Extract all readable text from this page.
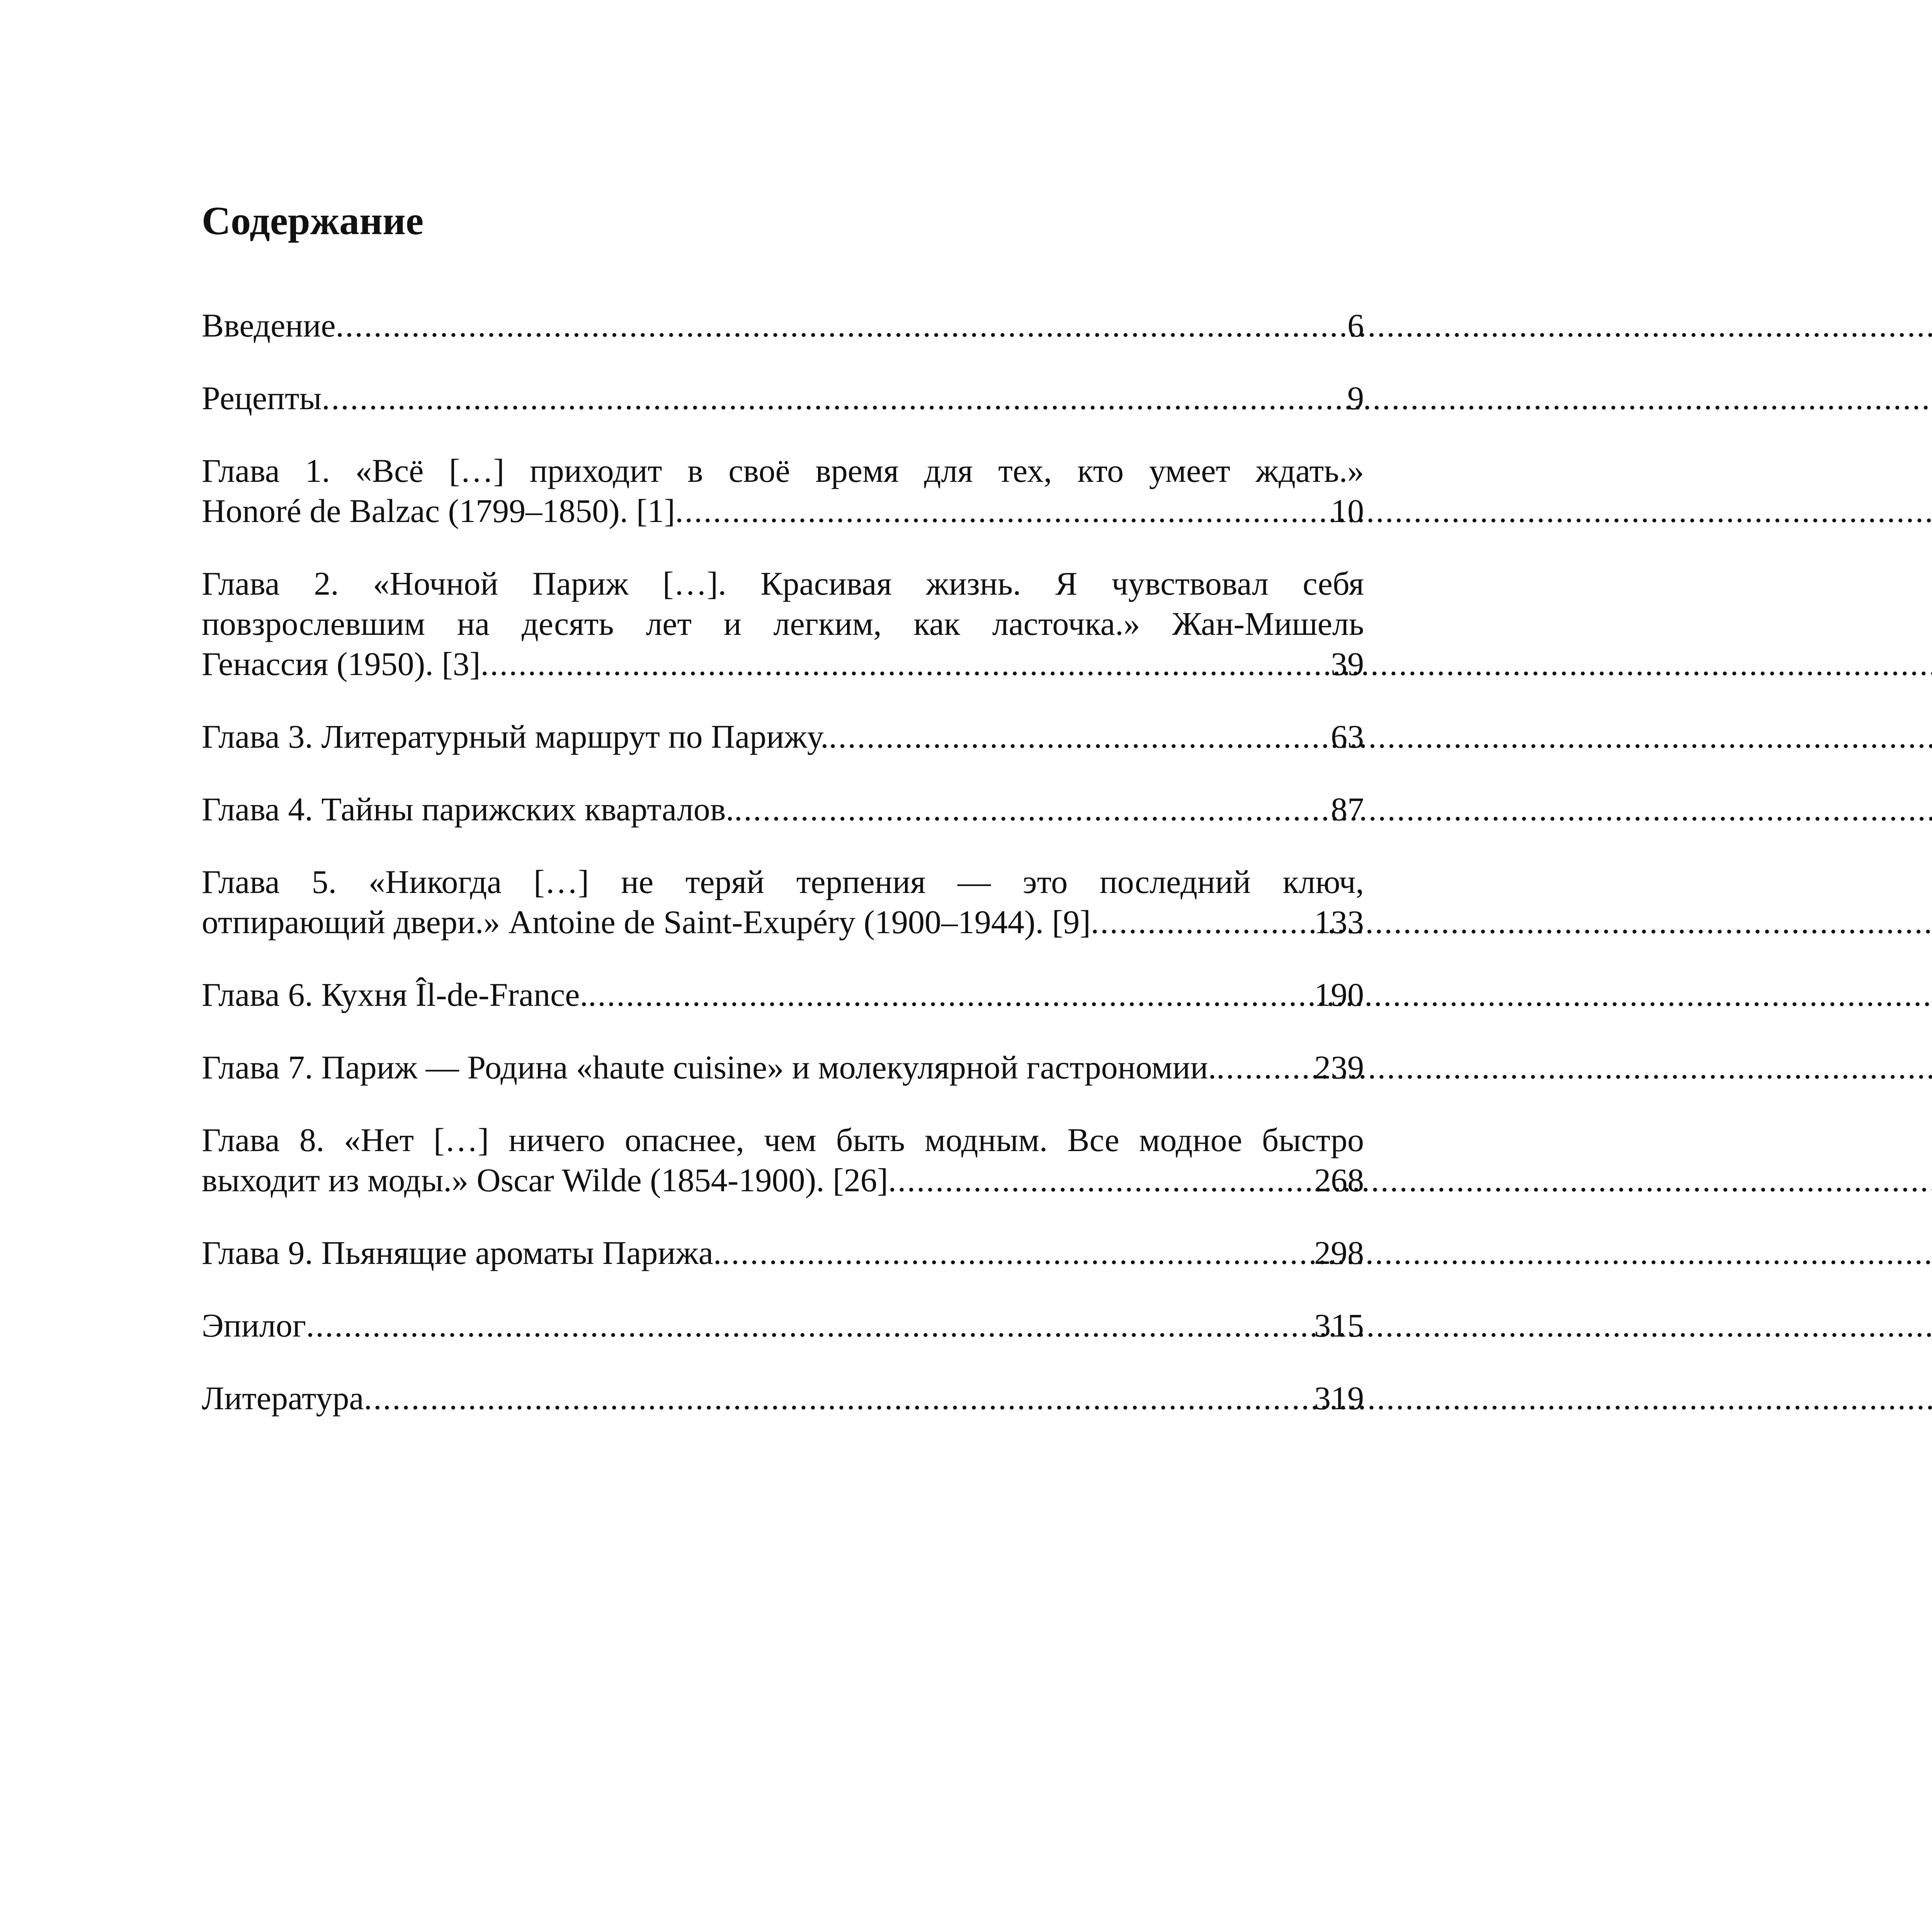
Содержание
Введение .....	6
Рецепты .....	9
Глава 1. «Всё […] приходит в своё время для тех, кто умеет ждать.»
Honoré de Balzac (1799–1850). [1] .....	10
Глава 2. «Ночной Париж […]. Красивая жизнь. Я чувствовал себя
повзрослевшим на десять лет и легким, как ласточка.» Жан-Мишель
Генассия (1950). [3] .....	39
Глава 3. Литературный маршрут по Парижу. .....	63
Глава 4. Тайны парижских кварталов. .....	87
Глава 5. «Никогда […] не теряй терпения — это последний ключ,
отпирающий двери.» Antoine de Saint-Exupéry (1900–1944). [9] .....	133
Глава 6. Кухня Îl-de-France. .....	190
Глава 7. Париж — Родина «haute cuisine» и молекулярной гастрономии. .....	239
Глава 8. «Нет […] ничего опаснее, чем быть модным. Все модное быстро
выходит из моды.» Oscar Wilde (1854-1900). [26] .....	268
Глава 9. Пьянящие ароматы Парижа. .....	298
Эпилог .....	315
Литература .....	319
